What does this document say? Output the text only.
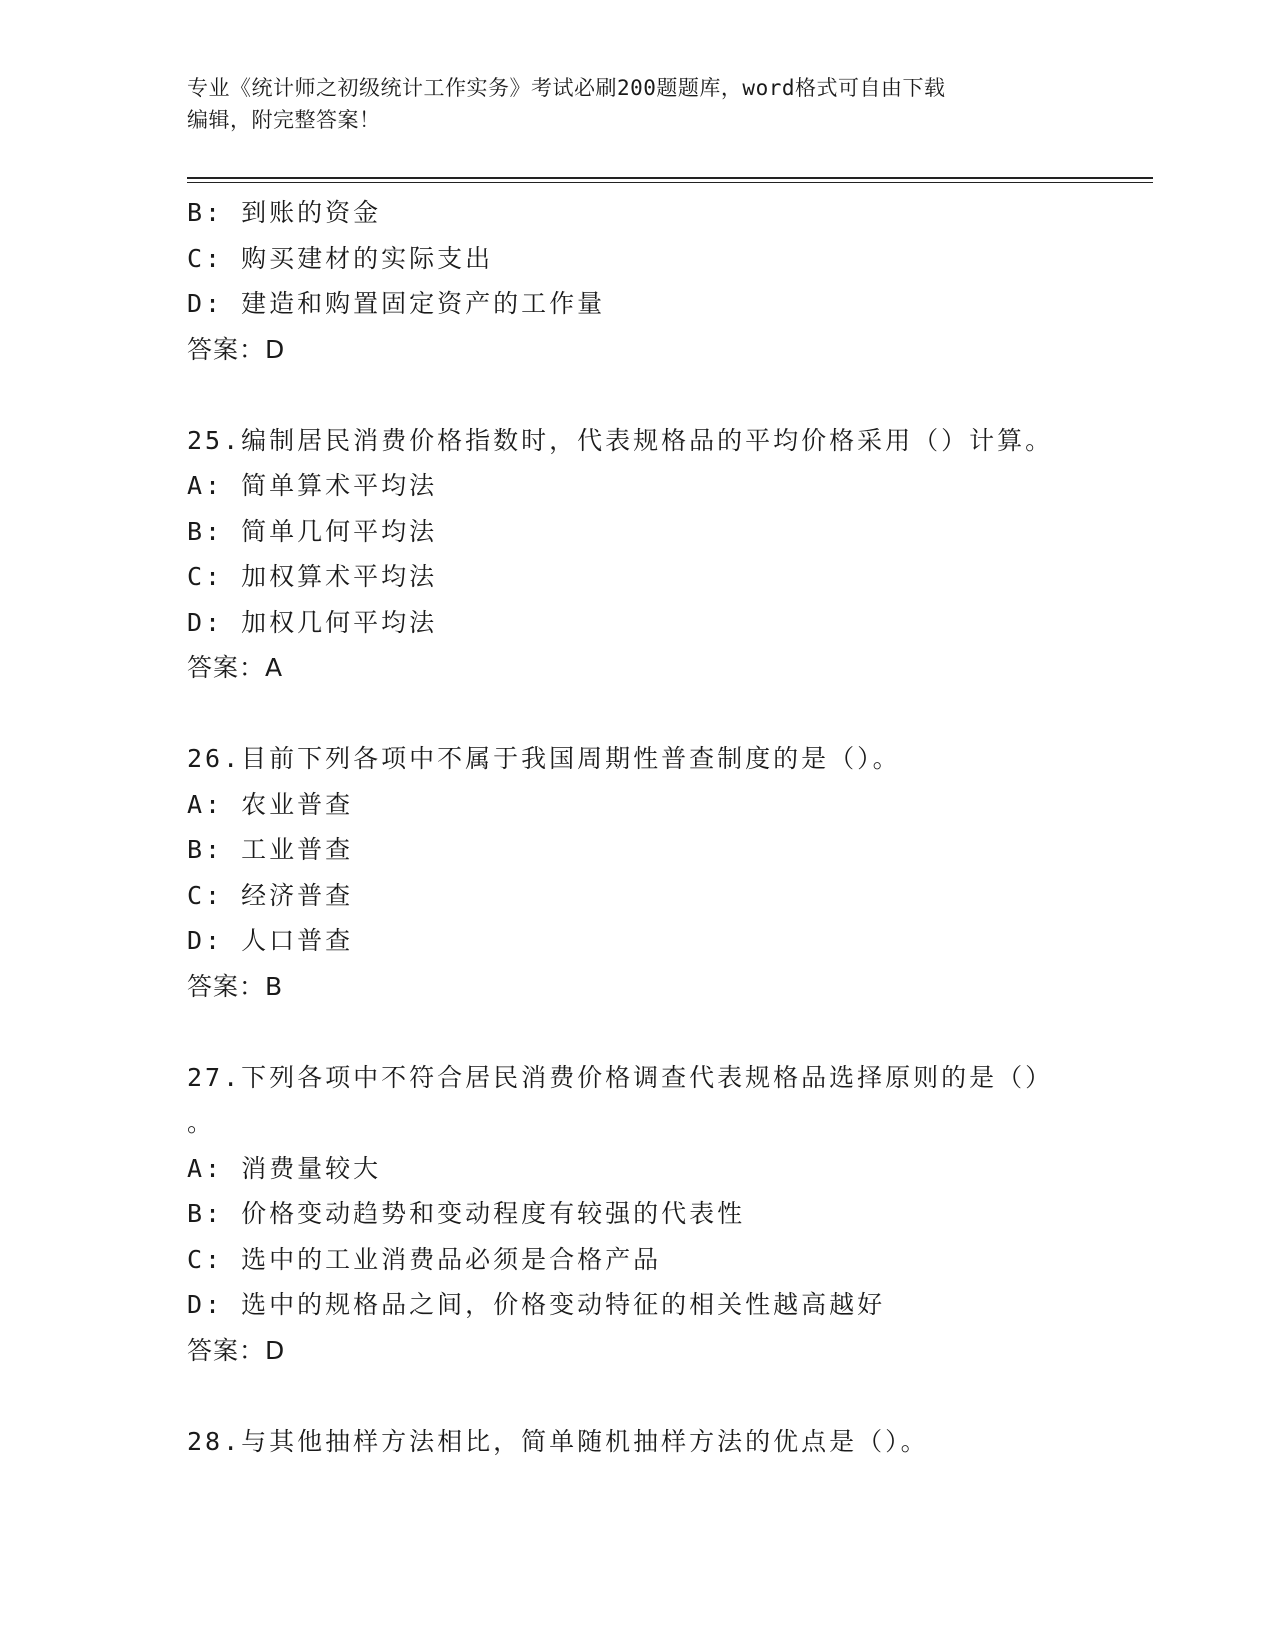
专业《统计师之初级统计工作实务》考试必刷200题题库，word格式可自由下载
编辑，附完整答案！
B: 到账的资金
C: 购买建材的实际支出
D: 建造和购置固定资产的工作量
答案：D
25.编制居民消费价格指数时，代表规格品的平均价格采用（）计算。
A: 简单算术平均法
B: 简单几何平均法
C: 加权算术平均法
D: 加权几何平均法
答案：A
26.目前下列各项中不属于我国周期性普查制度的是（）。
A: 农业普查
B: 工业普查
C: 经济普查
D: 人口普查
答案：B
27.下列各项中不符合居民消费价格调查代表规格品选择原则的是（）
。
A: 消费量较大
B: 价格变动趋势和变动程度有较强的代表性
C: 选中的工业消费品必须是合格产品
D: 选中的规格品之间，价格变动特征的相关性越高越好
答案：D
28.与其他抽样方法相比，简单随机抽样方法的优点是（）。
